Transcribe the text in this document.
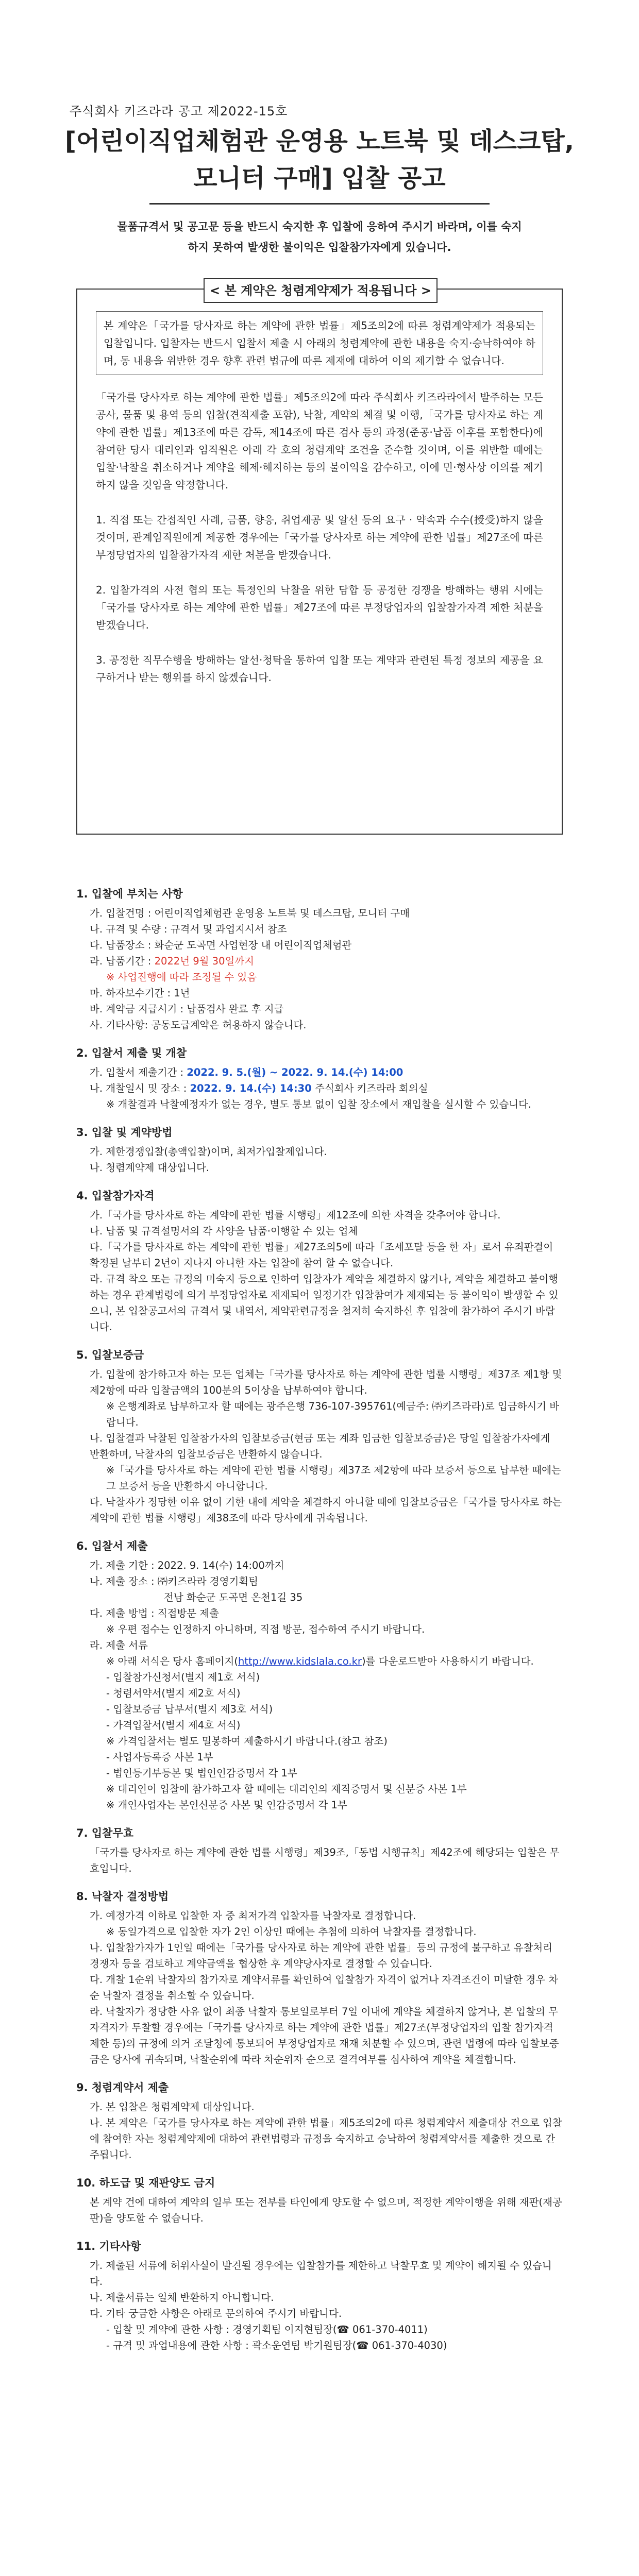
주식회사 키즈라라 공고 제2022-15호
[어린이직업체험관 운영용 노트북 및 데스크탑,
모니터 구매] 입찰 공고
물품규격서 및 공고문 등을 반드시 숙지한 후 입찰에 응하여 주시기 바라며, 이를 숙지
하지 못하여 발생한 불이익은 입찰참가자에게 있습니다.
< 본 계약은 청렴계약제가 적용됩니다 >

본 계약은「국가를 당사자로 하는 계약에 관한 법률」제5조의2에 따른 청렴계약제가 적용되는 입찰입니다. 입찰자는 반드시 입찰서 제출 시 아래의 청렴계약에 관한 내용을 숙지·승낙하여야 하며, 동 내용을 위반한 경우 향후 관련 법규에 따른 제재에 대하여 이의 제기할 수 없습니다.

「국가를 당사자로 하는 계약에 관한 법률」제5조의2에 따라 주식회사 키즈라라에서 발주하는 모든 공사, 물품 및 용역 등의 입찰(견적제출 포함), 낙찰, 계약의 체결 및 이행,「국가를 당사자로 하는 계약에 관한 법률」제13조에 따른 감독, 제14조에 따른 검사 등의 과정(준공·납품 이후를 포함한다)에 참여한 당사 대리인과 임직원은 아래 각 호의 청렴계약 조건을 준수할 것이며, 이를 위반할 때에는 입찰·낙찰을 취소하거나 계약을 해제·해지하는 등의 불이익을 감수하고, 이에 민·형사상 이의를 제기하지 않을 것임을 약정합니다.

1. 직접 또는 간접적인 사례, 금품, 향응, 취업제공 및 알선 등의 요구 · 약속과 수수(授受)하지 않을 것이며, 관계임직원에게 제공한 경우에는「국가를 당사자로 하는 계약에 관한 법률」제27조에 따른 부정당업자의 입찰참가자격 제한 처분을 받겠습니다.

2. 입찰가격의 사전 협의 또는 특정인의 낙찰을 위한 담합 등 공정한 경쟁을 방해하는 행위 시에는「국가를 당사자로 하는 계약에 관한 법률」제27조에 따른 부정당업자의 입찰참가자격 제한 처분을 받겠습니다.

3. 공정한 직무수행을 방해하는 알선·청탁을 통하여 입찰 또는 계약과 관련된 특정 정보의 제공을 요구하거나 받는 행위를 하지 않겠습니다.

1. 입찰에 부치는 사항
가. 입찰건명 : 어린이직업체험관 운영용 노트북 및 데스크탑, 모니터 구매
나. 규격 및 수량 : 규격서 및 과업지시서 참조
다. 납품장소 : 화순군 도곡면 사업현장 내 어린이직업체험관
라. 납품기간 : 2022년 9월 30일까지
※ 사업진행에 따라 조정될 수 있음
마. 하자보수기간 : 1년
바. 계약금 지급시기 : 납품검사 완료 후 지급
사. 기타사항: 공동도급계약은 허용하지 않습니다.
2. 입찰서 제출 및 개찰
가. 입찰서 제출기간 : 2022. 9. 5.(월) ~ 2022. 9. 14.(수) 14:00
나. 개찰일시 및 장소 : 2022. 9. 14.(수) 14:30 주식회사 키즈라라 회의실
※ 개찰결과 낙찰예정자가 없는 경우, 별도 통보 없이 입찰 장소에서 재입찰을 실시할 수 있습니다.
3. 입찰 및 계약방법
가. 제한경쟁입찰(총액입찰)이며, 최저가입찰제입니다.
나. 청렴계약제 대상입니다.
4. 입찰참가자격
가.「국가를 당사자로 하는 계약에 관한 법률 시행령」제12조에 의한 자격을 갖추어야 합니다.
나. 납품 및 규격설명서의 각 사양을 납품·이행할 수 있는 업체
다.「국가를 당사자로 하는 계약에 관한 법률」제27조의5에 따라「조세포탈 등을 한 자」로서 유죄판결이 확정된 날부터 2년이 지나지 아니한 자는 입찰에 참여 할 수 없습니다.
라. 규격 착오 또는 규정의 미숙지 등으로 인하여 입찰자가 계약을 체결하지 않거나, 계약을 체결하고 불이행하는 경우 관계법령에 의거 부정당업자로 재재되어 일정기간 입찰참여가 제재되는 등 불이익이 발생할 수 있으니, 본 입찰공고서의 규격서 및 내역서, 계약관련규정을 철저히 숙지하신 후 입찰에 참가하여 주시기 바랍니다.
5. 입찰보증금
가. 입찰에 참가하고자 하는 모든 업체는「국가를 당사자로 하는 계약에 관한 법률 시행령」제37조 제1항 및 제2항에 따라 입찰금액의 100분의 5이상을 납부하여야 합니다.
※ 은행계좌로 납부하고자 할 때에는 광주은행 736-107-395761(예금주: ㈜키즈라라)로 입금하시기 바랍니다.
나. 입찰결과 낙찰된 입찰참가자의 입찰보증금(현금 또는 계좌 입금한 입찰보증금)은 당일 입찰참가자에게 반환하며, 낙찰자의 입찰보증금은 반환하지 않습니다.
※「국가를 당사자로 하는 계약에 관한 법률 시행령」제37조 제2항에 따라 보증서 등으로 납부한 때에는 그 보증서 등을 반환하지 아니합니다.
다. 낙찰자가 정당한 이유 없이 기한 내에 계약을 체결하지 아니할 때에 입찰보증금은「국가를 당사자로 하는 계약에 관한 법률 시행령」제38조에 따라 당사에게 귀속됩니다.
6. 입찰서 제출
가. 제출 기한 : 2022. 9. 14(수) 14:00까지
나. 제출 장소 : ㈜키즈라라 경영기획팀
전남 화순군 도곡면 온천1길 35
다. 제출 방법 : 직접방문 제출
※ 우편 접수는 인정하지 아니하며, 직접 방문, 접수하여 주시기 바랍니다.
라. 제출 서류
※ 아래 서식은 당사 홈페이지(http://www.kidslala.co.kr)를 다운로드받아 사용하시기 바랍니다.
- 입찰참가신청서(별지 제1호 서식)
- 청렴서약서(별지 제2호 서식)
- 입찰보증금 납부서(별지 제3호 서식)
- 가격입찰서(별지 제4호 서식)
※ 가격입찰서는 별도 밀봉하여 제출하시기 바랍니다.(참고 참조)
- 사업자등록증 사본 1부
- 법인등기부등본 및 법인인감증명서 각 1부
※ 대리인이 입찰에 참가하고자 할 때에는 대리인의 재직증명서 및 신분증 사본 1부
※ 개인사업자는 본인신분증 사본 및 인감증명서 각 1부
7. 입찰무효
「국가를 당사자로 하는 계약에 관한 법률 시행령」제39조,「동법 시행규칙」제42조에 해당되는 입찰은 무효입니다.
8. 낙찰자 결정방법
가. 예정가격 이하로 입찰한 자 중 최저가격 입찰자를 낙찰자로 결정합니다.
※ 동일가격으로 입찰한 자가 2인 이상인 때에는 추첨에 의하여 낙찰자를 결정합니다.
나. 입찰참가자가 1인일 때에는「국가를 당사자로 하는 계약에 관한 법률」등의 규정에 불구하고 유찰처리 경쟁자 등을 검토하고 계약금액을 협상한 후 계약당사자로 결정할 수 있습니다.
다. 개찰 1순위 낙찰자의 참가자로 계약서류를 확인하여 입찰참가 자격이 없거나 자격조건이 미달한 경우 차순 낙찰자 결정을 취소할 수 있습니다.
라. 낙찰자가 정당한 사유 없이 최종 낙찰자 통보일로부터 7일 이내에 계약을 체결하지 않거나, 본 입찰의 무자격자가 투찰할 경우에는「국가를 당사자로 하는 계약에 관한 법률」제27조(부정당업자의 입찰 참가자격 제한 등)의 규정에 의거 조달청에 통보되어 부정당업자로 재재 처분할 수 있으며, 관련 법령에 따라 입찰보증금은 당사에 귀속되며, 낙찰순위에 따라 차순위자 순으로 결격여부를 심사하여 계약을 체결합니다.
9. 청렴계약서 제출
가. 본 입찰은 청렴계약제 대상입니다.
나. 본 계약은「국가를 당사자로 하는 계약에 관한 법률」제5조의2에 따른 청렴계약서 제출대상 건으로 입찰에 참여한 자는 청렴계약제에 대하여 관련법령과 규정을 숙지하고 승낙하여 청렴계약서를 제출한 것으로 간주됩니다.
10. 하도급 및 재판양도 금지
본 계약 건에 대하여 계약의 일부 또는 전부를 타인에게 양도할 수 없으며, 적정한 계약이행을 위해 재판(재공판)을 양도할 수 없습니다.
11. 기타사항
가. 제출된 서류에 허위사실이 발견될 경우에는 입찰참가를 제한하고 낙찰무효 및 계약이 해지될 수 있습니다.
나. 제출서류는 일체 반환하지 아니합니다.
다. 기타 궁금한 사항은 아래로 문의하여 주시기 바랍니다.
- 입찰 및 계약에 관한 사항 : 경영기획팀 이지현팀장(☎ 061-370-4011)
- 규격 및 과업내용에 관한 사항 : 곽소운연팀 박기원팀장(☎ 061-370-4030)
